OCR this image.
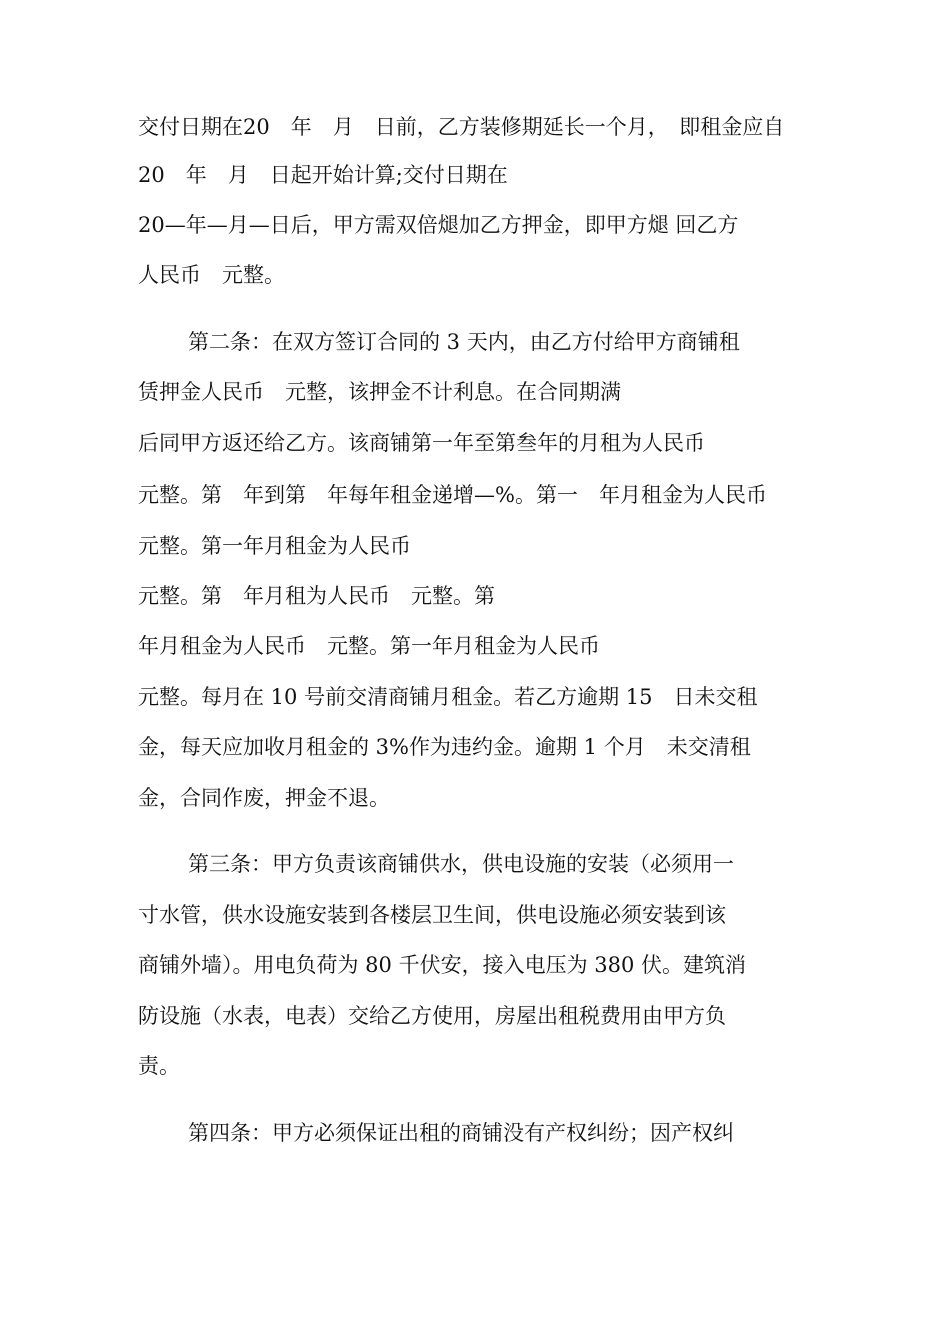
交付日期在20　年　月　日前，乙方装修期延长一个月，　即租金应自
20　年　月　日起开始计算;交付日期在
20—年—月—日后，甲方需双倍煺加乙方押金，即甲方煺 回乙方
人民币　元整。
第二条：在双方签订合同的 3 天内，由乙方付给甲方商铺租
赁押金人民币　元整，该押金不计利息。在合同期满
后同甲方返还给乙方。该商铺第一年至第叁年的月租为人民币
元整。第　年到第　年每年租金递增—%。第一　年月租金为人民币
元整。第一年月租金为人民币
元整。第　年月租为人民币　元整。第
年月租金为人民币　元整。第一年月租金为人民币
元整。每月在 10 号前交清商铺月租金。若乙方逾期 15　日未交租
金，每天应加收月租金的 3%作为违约金。逾期 1 个月　未交清租
金，合同作废，押金不退。
第三条：甲方负责该商铺供水，供电设施的安装（必须用一
寸水管，供水设施安装到各楼层卫生间，供电设施必须安装到该
商铺外墙）。用电负荷为 80 千伏安，接入电压为 380 伏。建筑消
防设施（水表，电表）交给乙方使用，房屋出租税费用由甲方负
责。
第四条：甲方必须保证出租的商铺没有产权纠纷；因产权纠
